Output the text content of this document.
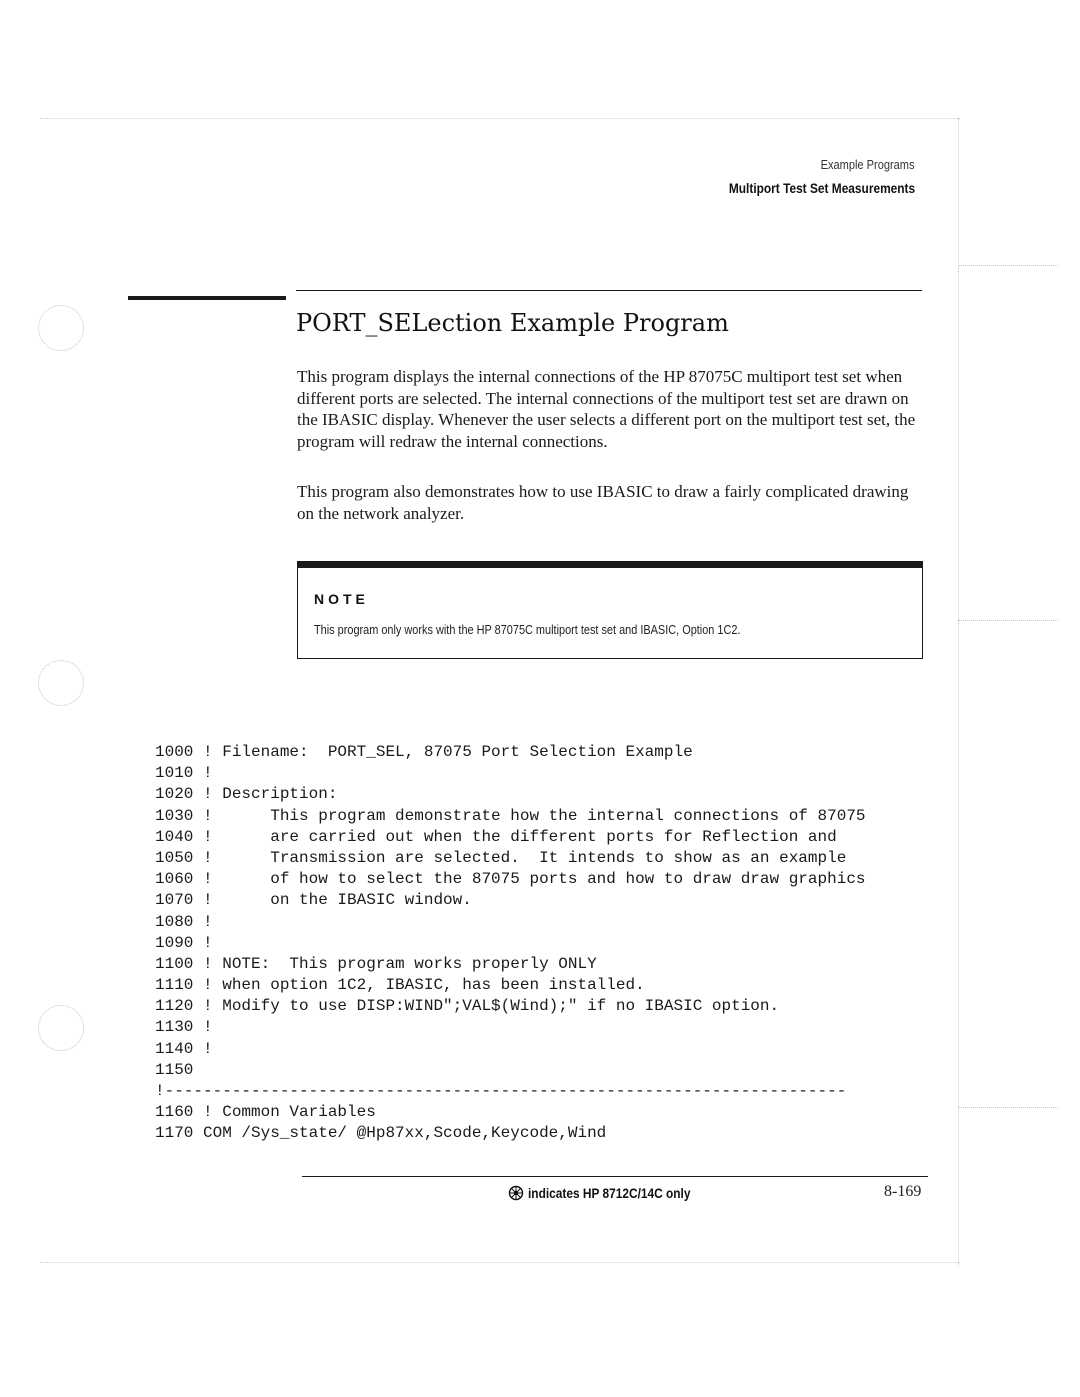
Example Programs
Multiport Test Set Measurements
PORT_SELection Example Program

This program displays the internal connections of the HP 87075C multiport test set when different ports are selected. The internal connections of the multiport test set are drawn on the IBASIC display. Whenever the user selects a different port on the multiport test set, the program will redraw the internal connections.

This program also demonstrates how to use IBASIC to draw a fairly complicated drawing on the network analyzer.

NOTE
This program only works with the HP 87075C multiport test set and IBASIC, Option 1C2.
1000 ! Filename:  PORT_SEL, 87075 Port Selection Example
1010 !
1020 ! Description:
1030 !      This program demonstrate how the internal connections of 87075
1040 !      are carried out when the different ports for Reflection and
1050 !      Transmission are selected.  It intends to show as an example
1060 !      of how to select the 87075 ports and how to draw draw graphics
1070 !      on the IBASIC window.
1080 !
1090 !
1100 ! NOTE:  This program works properly ONLY
1110 ! when option 1C2, IBASIC, has been installed.
1120 ! Modify to use DISP:WIND";VAL$(Wind);" if no IBASIC option.
1130 !
1140 !
1150
!-----------------------------------------------------------------------
1160 ! Common Variables
1170 COM /Sys_state/ @Hp87xx,Scode,Keycode,Wind
indicates HP 8712C/14C only	8-169
